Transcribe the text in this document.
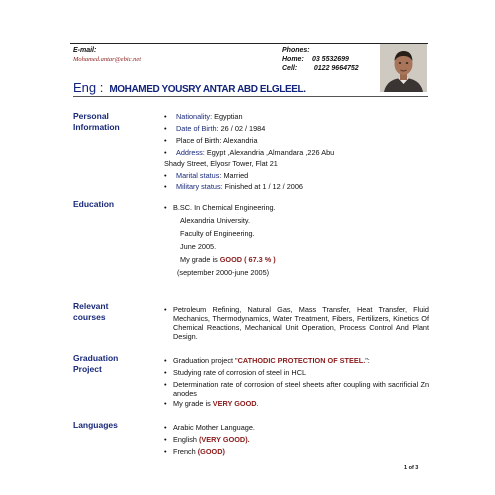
E-mail:
Mohamed.antar@ebic.net
Phones:
Home: 03 5532699
Cell:	0122 9664752
Eng : MOHAMED YOUSRY ANTAR ABD ELGLEEL.
Personal
Information
• Nationality: Egyptian
• Date of Birth: 26 / 02 / 1984
• Place of Birth: Alexandria
• Address: Egypt ,Alexandria ,Almandara ,226 Abu
Shady Street, Elyosr Tower, Flat 21
• Marital status: Married
• Military status: Finished at 1 / 12 / 2006
Education	• B.SC. In Chemical Engineering.
Alexandria University.
Faculty of Engineering.
June 2005.
My grade is GOOD ( 67.3 % )
(september 2000-june 2005)
Relevant
courses
• Petroleum Refining, Natural Gas, Mass Transfer, Heat Transfer, Fluid Mechanics, Thermodynamics, Water Treatment, Fibers, Fertilizers, Kinetics Of Chemical Reactions, Mechanical Unit Operation, Process Control And Plant Design.
Graduation
Project
• Graduation project "CATHODIC PROTECTION OF STEEL.":
• Studying rate of corrosion of steel in HCL
• Determination rate of corrosion of steel sheets after coupling with sacrificial Zn anodes
• My grade is VERY GOOD.
Languages	• Arabic Mother Language.
• English (VERY GOOD).
• French (GOOD)
1 of 3
